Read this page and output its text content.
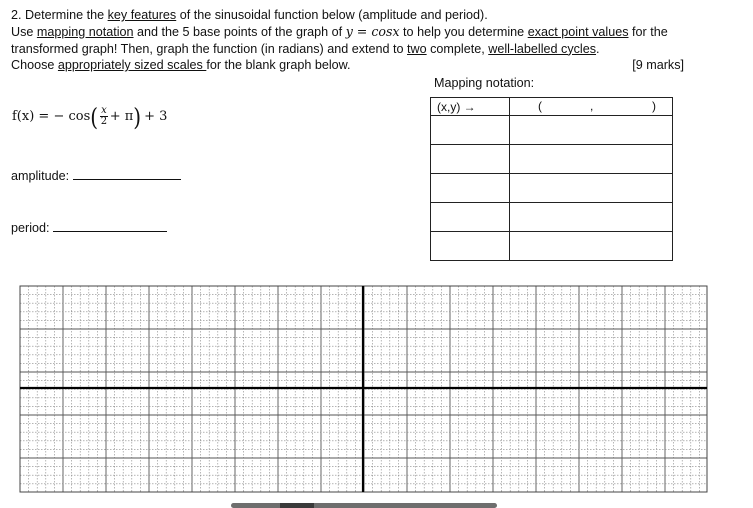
2. Determine the key features of the sinusoidal function below (amplitude and period).
Use mapping notation and the 5 base points of the graph of y = cosx to help you determine exact point values for the
transformed graph! Then, graph the function (in radians) and extend to two complete, well-labelled cycles.
Choose appropriately sized scales for the blank graph below.	[9 marks]
f(x) = − cos ( $\frac{x}{2} + \pi$ ) + 3
amplitude:
period:
Mapping notation:
(x,y) →	( , )
